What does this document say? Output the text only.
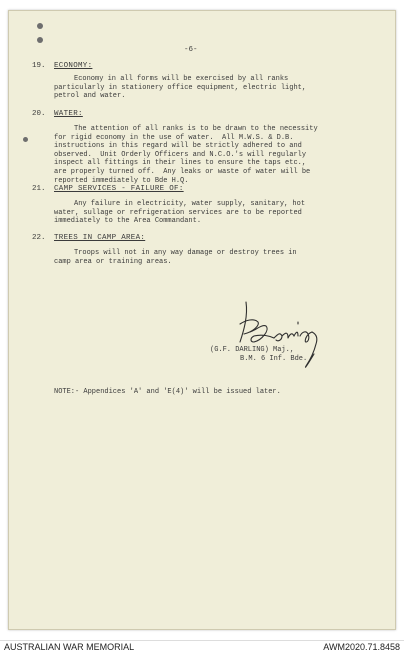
-6-
19. ECONOMY:
Economy in all forms will be exercised by all ranks
particularly in stationery office equipment, electric light,
petrol and water.
20. WATER:
The attention of all ranks is to be drawn to the necessity
for rigid economy in the use of water.  All M.W.S. & D.B.
instructions in this regard will be strictly adhered to and
observed.  Unit Orderly Officers and N.C.O.'s will regularly
inspect all fittings in their lines to ensure the taps etc.,
are properly turned off.  Any leaks or waste of water will be
reported immediately to Bde H.Q.
21. CAMP SERVICES - FAILURE OF:
Any failure in electricity, water supply, sanitary, hot
water, sullage or refrigeration services are to be reported
immediately to the Area Commandant.
22. TREES IN CAMP AREA:
Troops will not in any way damage or destroy trees in
camp area or training areas.
(G.F. DARLING) Maj.,
B.M. 6 Inf. Bde.
NOTE:- Appendices 'A' and 'E(4)' will be issued later.
AUSTRALIAN WAR MEMORIAL	AWM2020.71.8458
